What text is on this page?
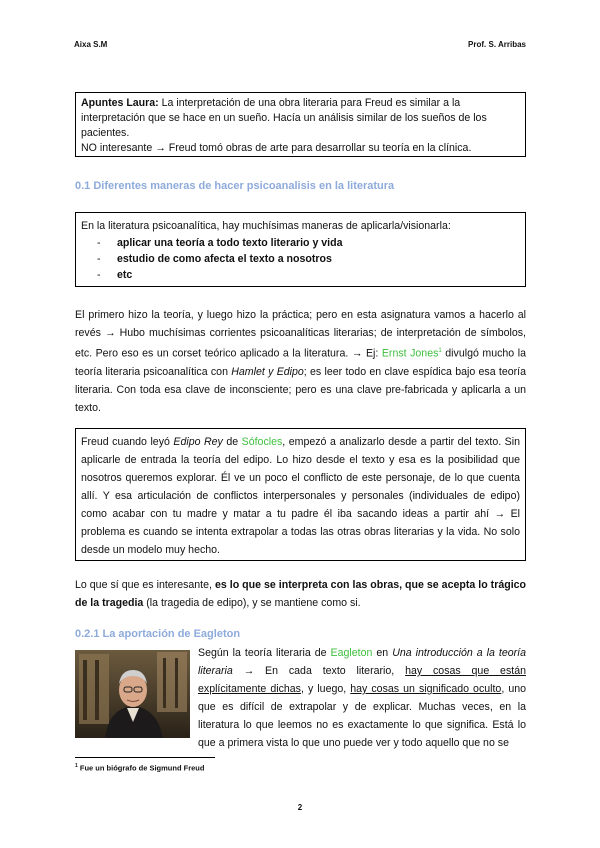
Aixa S.M	Prof. S. Arribas
Apuntes Laura: La interpretación de una obra literaria para Freud es similar a la interpretación que se hace en un sueño. Hacía un análisis similar de los sueños de los pacientes.
NO interesante → Freud tomó obras de arte para desarrollar su teoría en la clínica.
0.1 Diferentes maneras de hacer psicoanalisis en la literatura
En la literatura psicoanalítica, hay muchísimas maneras de aplicarla/visionarla:
- aplicar una teoría a todo texto literario y vida
- estudio de como afecta el texto a nosotros
- etc
El primero hizo la teoría, y luego hizo la práctica; pero en esta asignatura vamos a hacerlo al revés → Hubo muchísimas corrientes psicoanalíticas literarias; de interpretación de símbolos, etc. Pero eso es un corset teórico aplicado a la literatura. → Ej: Ernst Jones$^1$ divulgó mucho la teoría literaria psicoanalítica con Hamlet y Edipo; es leer todo en clave espídica bajo esa teoría literaria. Con toda esa clave de inconsciente; pero es una clave pre-fabricada y aplicarla a un texto.
Freud cuando leyó Edipo Rey de Sófocles, empezó a analizarlo desde a partir del texto. Sin aplicarle de entrada la teoría del edipo. Lo hizo desde el texto y esa es la posibilidad que nosotros queremos explorar. Él ve un poco el conflicto de este personaje, de lo que cuenta allí. Y esa articulación de conflictos interpersonales y personales (individuales de edipo) como acabar con tu madre y matar a tu padre él iba sacando ideas a partir ahí → El problema es cuando se intenta extrapolar a todas las otras obras literarias y la vida. No solo desde un modelo muy hecho.
Lo que sí que es interesante, es lo que se interpreta con las obras, que se acepta lo trágico de la tragedia (la tragedia de edipo), y se mantiene como si.
0.2.1 La aportación de Eagleton
Según la teoría literaria de Eagleton en Una introducción a la teoría literaria → En cada texto literario, hay cosas que están explícitamente dichas, y luego, hay cosas un significado oculto, uno que es difícil de extrapolar y de explicar. Muchas veces, en la literatura lo que leemos no es exactamente lo que significa. Está lo que a primera vista lo que uno puede ver y todo aquello que no se
$^1$ Fue un biógrafo de Sigmund Freud
2
